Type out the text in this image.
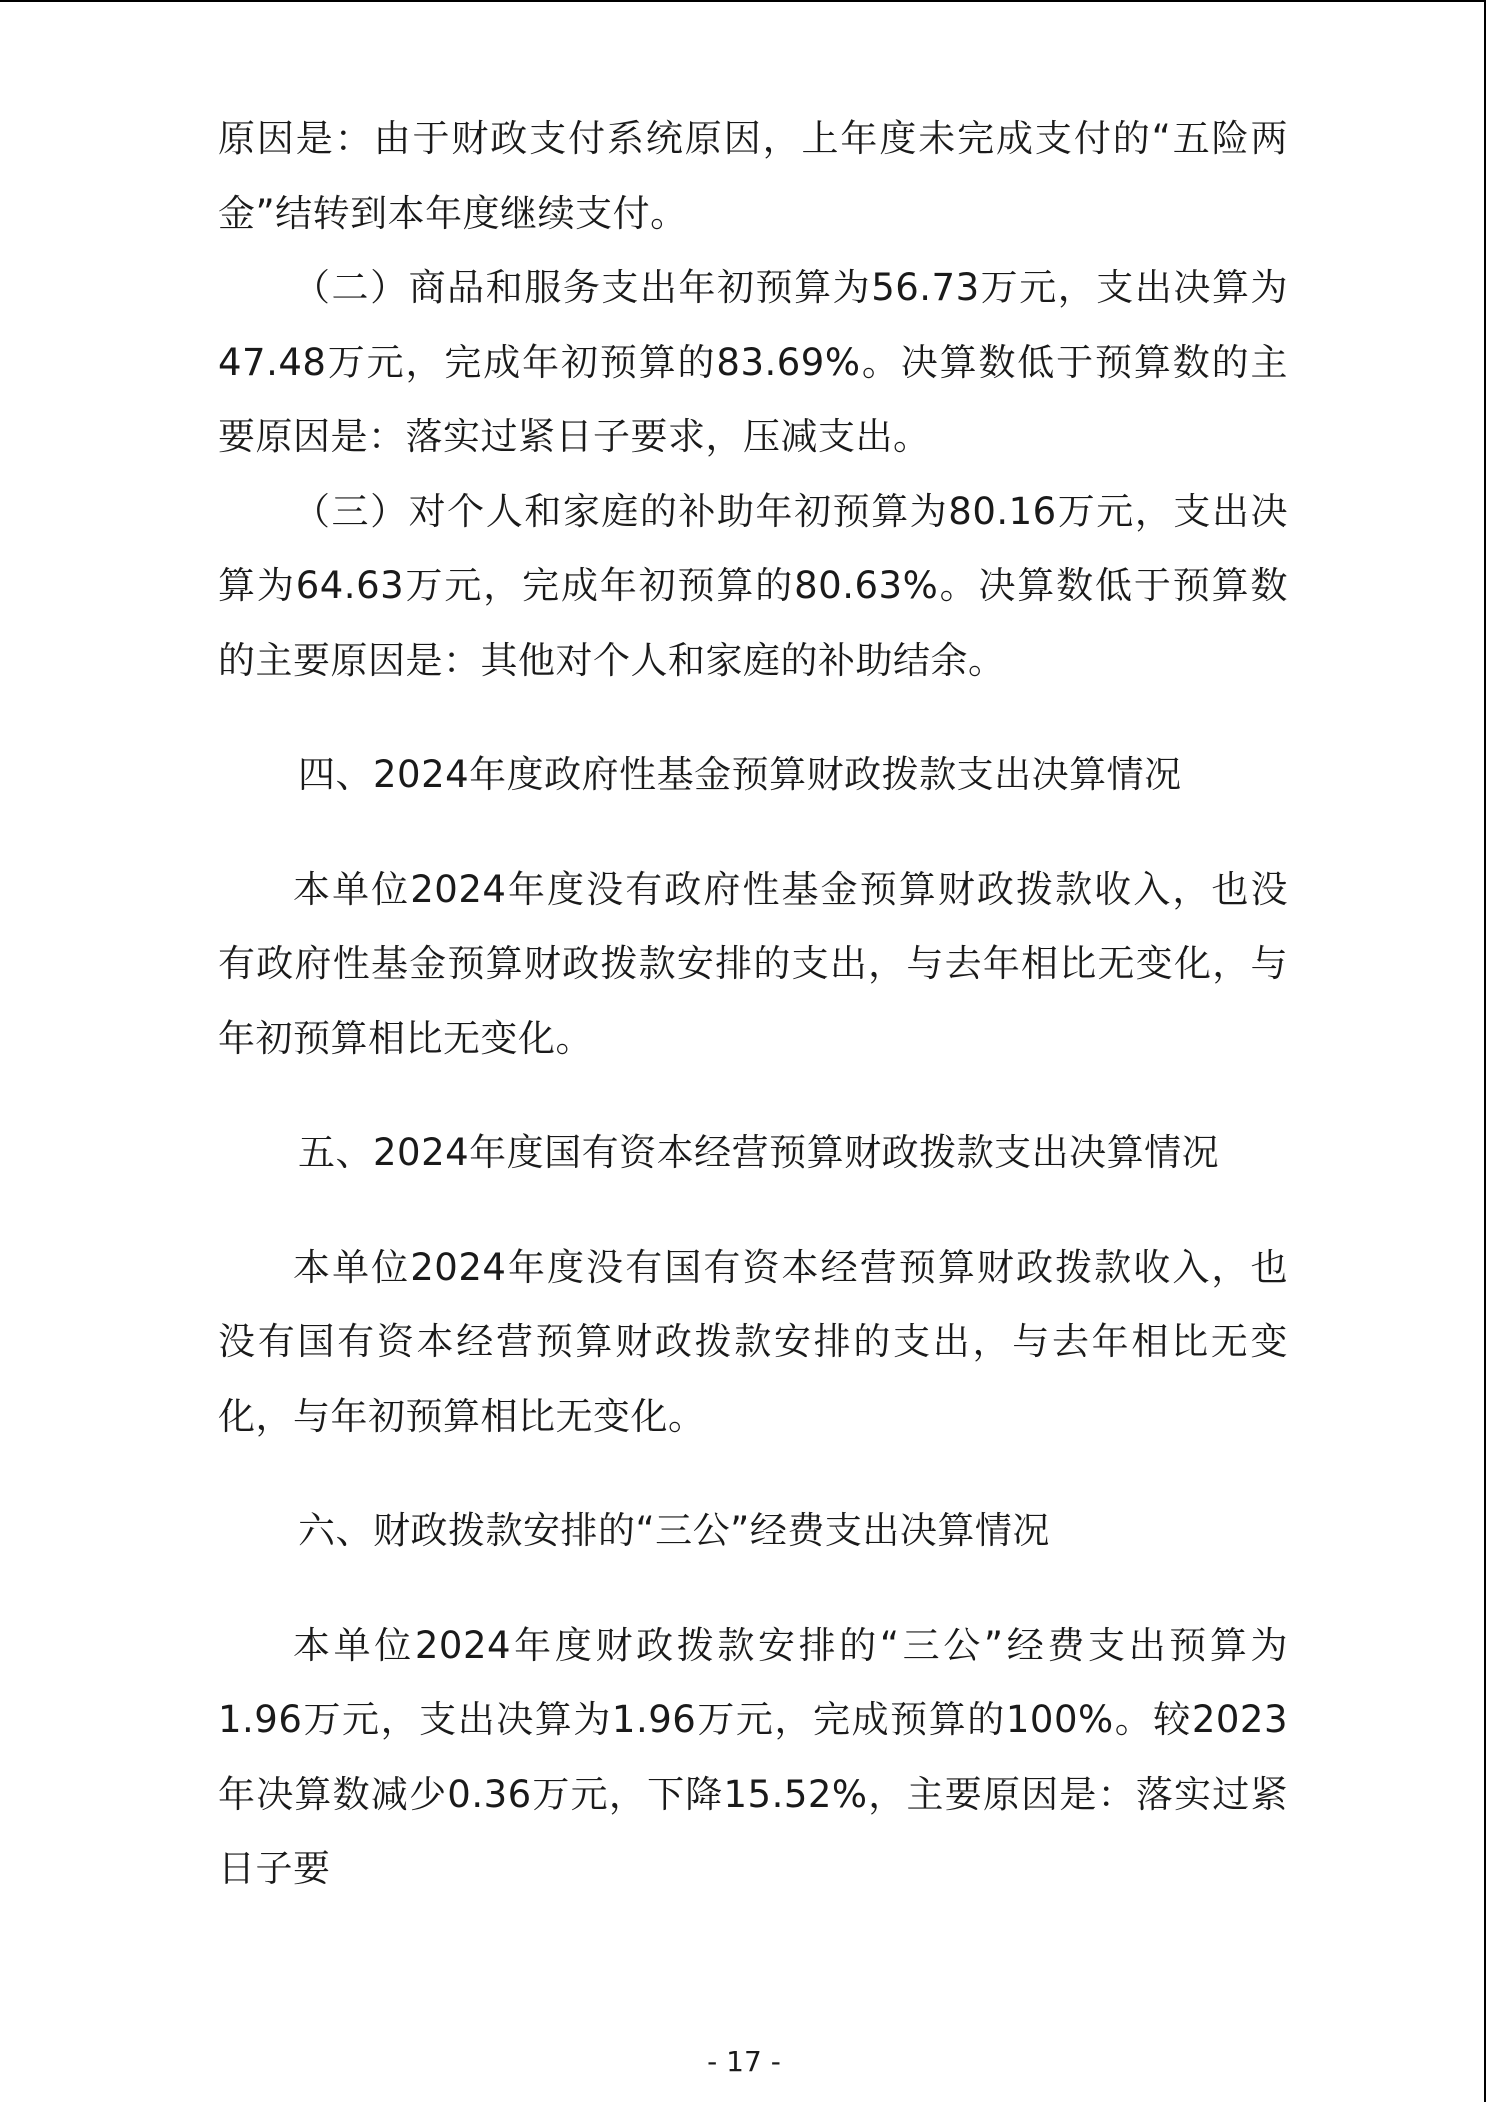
原因是：由于财政支付系统原因，上年度未完成支付的“五险两金”结转到本年度继续支付。

（二）商品和服务支出年初预算为56.73万元，支出决算为47.48万元，完成年初预算的83.69%。决算数低于预算数的主要原因是：落实过紧日子要求，压减支出。

（三）对个人和家庭的补助年初预算为80.16万元，支出决算为64.63万元，完成年初预算的80.63%。决算数低于预算数的主要原因是：其他对个人和家庭的补助结余。

四、2024年度政府性基金预算财政拨款支出决算情况

本单位2024年度没有政府性基金预算财政拨款收入，也没有政府性基金预算财政拨款安排的支出，与去年相比无变化，与年初预算相比无变化。

五、2024年度国有资本经营预算财政拨款支出决算情况

本单位2024年度没有国有资本经营预算财政拨款收入，也没有国有资本经营预算财政拨款安排的支出，与去年相比无变化，与年初预算相比无变化。

六、财政拨款安排的“三公”经费支出决算情况

本单位2024年度财政拨款安排的“三公”经费支出预算为1.96万元，支出决算为1.96万元，完成预算的100%。较2023年决算数减少0.36万元，下降15.52%，主要原因是：落实过紧日子要

- 17 -
